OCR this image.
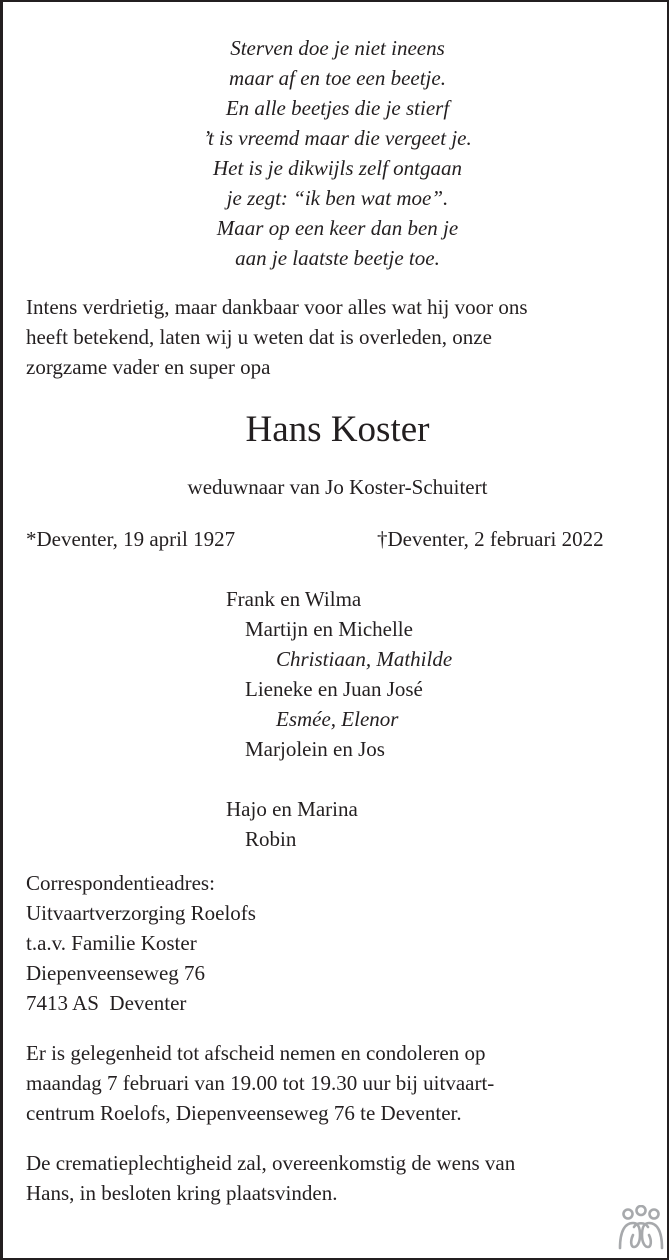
Sterven doe je niet ineens
maar af en toe een beetje.
En alle beetjes die je stierf
’t is vreemd maar die vergeet je.
Het is je dikwijls zelf ontgaan
je zegt: “ik ben wat moe”.
Maar op een keer dan ben je
aan je laatste beetje toe.
Intens verdrietig, maar dankbaar voor alles wat hij voor ons
heeft betekend, laten wij u weten dat is overleden, onze
zorgzame vader en super opa
Hans Koster
weduwnaar van Jo Koster-Schuitert
*Deventer, 19 april 1927	†Deventer, 2 februari 2022
Frank en Wilma
Martijn en Michelle
Christiaan, Mathilde
Lieneke en Juan José
Esmée, Elenor
Marjolein en Jos
Hajo en Marina
Robin
Correspondentieadres:
Uitvaartverzorging Roelofs
t.a.v. Familie Koster
Diepenveenseweg 76
7413 AS  Deventer
Er is gelegenheid tot afscheid nemen en condoleren op
maandag 7 februari van 19.00 tot 19.30 uur bij uitvaart-
centrum Roelofs, Diepenveenseweg 76 te Deventer.
De crematieplechtigheid zal, overeenkomstig de wens van
Hans, in besloten kring plaatsvinden.
